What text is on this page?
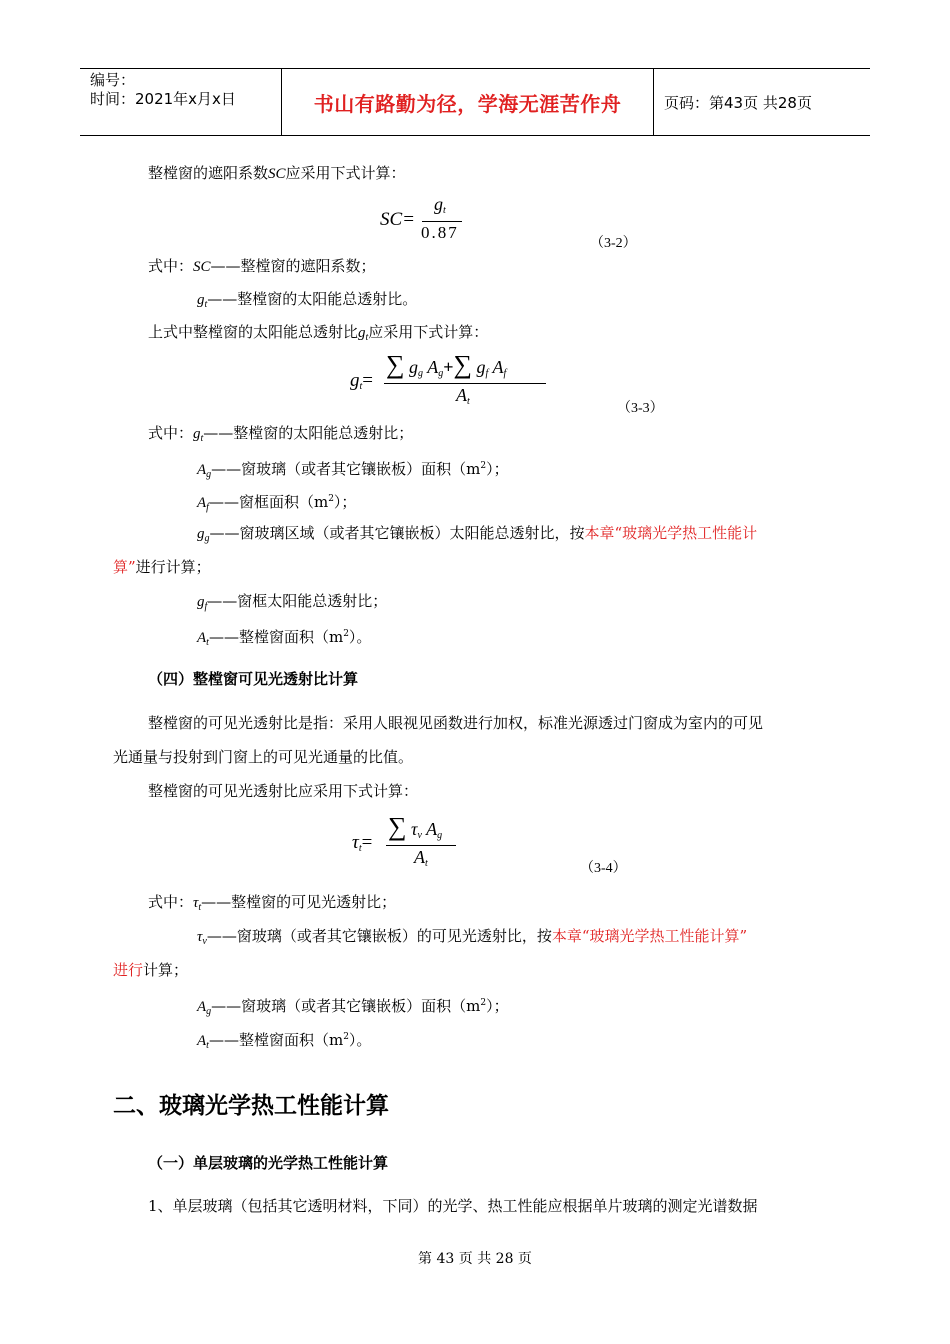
编号：
时间：2021年x月x日	书山有路勤为径，学海无涯苦作舟	页码：第43页 共28页
整樘窗的遮阳系数SC应采用下式计算：
SC=
$g_t$
0.87
（3-2）
式中：SC——整樘窗的遮阳系数；
$g_t——$整樘窗的太阳能总透射比。
上式中整樘窗的太阳能总透射比$g_t$应采用下式计算：
$g_t=$
∑ $g_g$ $A_g+\sum$ $g_f$ $A_f$
$A_t$	（3-3）
式中：$g_t——$整樘窗的太阳能总透射比；
$A_g——$窗玻璃（或者其它镶嵌板）面积$(m^2)$；
$A_f——$窗框面积$(m^2)$；
$g_g——$窗玻璃区域（或者其它镶嵌板）太阳能总透射比，按本章“玻璃光学热工性能计
算”进行计算；
$g_f——$窗框太阳能总透射比；
$A_t——$整樘窗面积$(m^2)$。
（四）整樘窗可见光透射比计算
整樘窗的可见光透射比是指：采用人眼视见函数进行加权，标准光源透过门窗成为室内的可见
光通量与投射到门窗上的可见光通量的比值。
整樘窗的可见光透射比应采用下式计算：
$\tau_t=$
∑ $\tau_v$ $A_g$
$A_t$	（3-4）
式中：$\tau_t——$整樘窗的可见光透射比；
$\tau_v——$窗玻璃（或者其它镶嵌板）的可见光透射比，按本章“玻璃光学热工性能计算”
进行计算；
$A_g——$窗玻璃（或者其它镶嵌板）面积$(m^2)$；
$A_t——$整樘窗面积$(m^2)$。
二、玻璃光学热工性能计算
（一）单层玻璃的光学热工性能计算
1、单层玻璃（包括其它透明材料，下同）的光学、热工性能应根据单片玻璃的测定光谱数据
第 43 页 共 28 页
